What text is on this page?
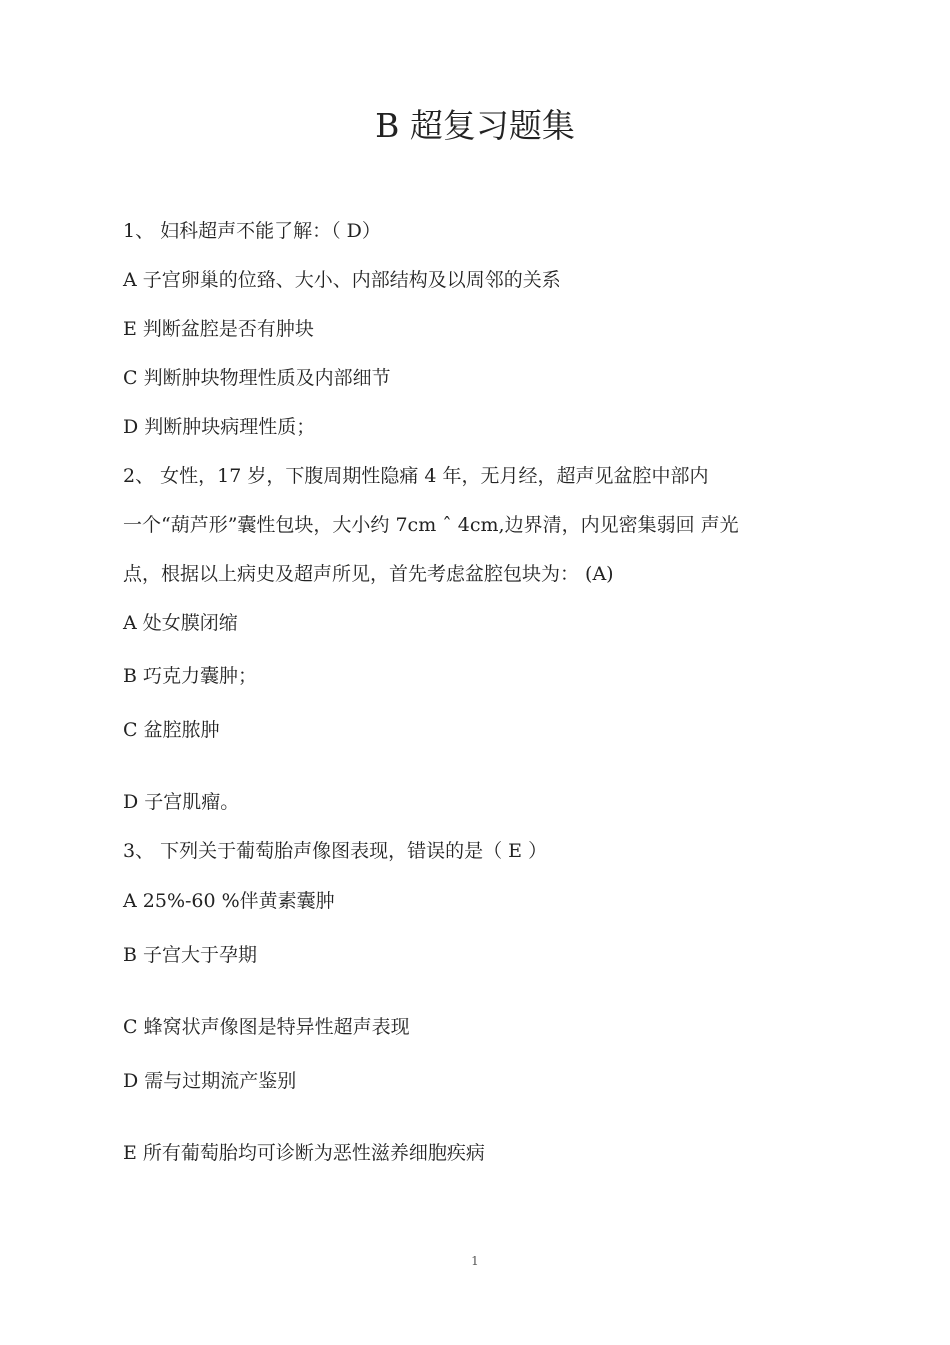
B 超复习题集
1、 妇科超声不能了解：（ D）
A 子宫卵巢的位臵、大小、内部结构及以周邻的关系
E 判断盆腔是否有肿块
C 判断肿块物理性质及内部细节
D 判断肿块病理性质；
2、 女性，17 岁，下腹周期性隐痛 4 年，无月经，超声见盆腔中部内
一个“葫芦形”囊性包块，大小约 7cm ˆ 4cm,边界清，内见密集弱回 声光
点，根据以上病史及超声所见，首先考虑盆腔包块为： (A)
A 处女膜闭缩
B 巧克力囊肿；
C 盆腔脓肿
D 子宫肌瘤。
3、 下列关于葡萄胎声像图表现，错误的是（ E ）
A 25%-60 %伴黄素囊肿
B 子宫大于孕期
C 蜂窝状声像图是特异性超声表现
D 需与过期流产鉴别
E 所有葡萄胎均可诊断为恶性滋养细胞疾病
1
